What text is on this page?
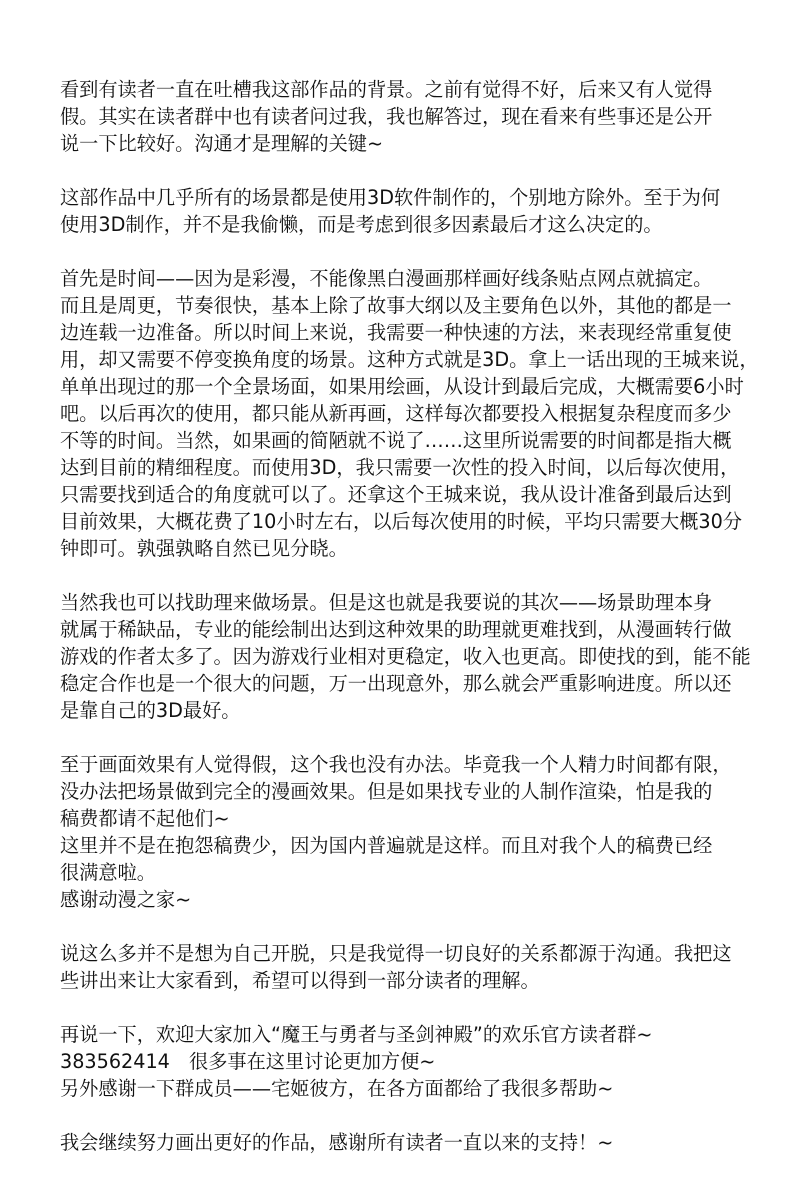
看到有读者一直在吐槽我这部作品的背景。之前有觉得不好，后来又有人觉得
假。其实在读者群中也有读者问过我，我也解答过，现在看来有些事还是公开
说一下比较好。沟通才是理解的关键~
这部作品中几乎所有的场景都是使用3D软件制作的，个别地方除外。至于为何
使用3D制作，并不是我偷懒，而是考虑到很多因素最后才这么决定的。
首先是时间——因为是彩漫，不能像黑白漫画那样画好线条贴点网点就搞定。
而且是周更，节奏很快，基本上除了故事大纲以及主要角色以外，其他的都是一
边连载一边准备。所以时间上来说，我需要一种快速的方法，来表现经常重复使
用，却又需要不停变换角度的场景。这种方式就是3D。拿上一话出现的王城来说，
单单出现过的那一个全景场面，如果用绘画，从设计到最后完成，大概需要6小时
吧。以后再次的使用，都只能从新再画，这样每次都要投入根据复杂程度而多少
不等的时间。当然，如果画的简陋就不说了……这里所说需要的时间都是指大概
达到目前的精细程度。而使用3D，我只需要一次性的投入时间，以后每次使用，
只需要找到适合的角度就可以了。还拿这个王城来说，我从设计准备到最后达到
目前效果，大概花费了10小时左右，以后每次使用的时候，平均只需要大概30分
钟即可。孰强孰略自然已见分晓。
当然我也可以找助理来做场景。但是这也就是我要说的其次——场景助理本身
就属于稀缺品，专业的能绘制出达到这种效果的助理就更难找到，从漫画转行做
游戏的作者太多了。因为游戏行业相对更稳定，收入也更高。即使找的到，能不能
稳定合作也是一个很大的问题，万一出现意外，那么就会严重影响进度。所以还
是靠自己的3D最好。
至于画面效果有人觉得假，这个我也没有办法。毕竟我一个人精力时间都有限，
没办法把场景做到完全的漫画效果。但是如果找专业的人制作渲染，怕是我的
稿费都请不起他们~
这里并不是在抱怨稿费少，因为国内普遍就是这样。而且对我个人的稿费已经
很满意啦。
感谢动漫之家~
说这么多并不是想为自己开脱，只是我觉得一切良好的关系都源于沟通。我把这
些讲出来让大家看到，希望可以得到一部分读者的理解。
再说一下，欢迎大家加入“魔王与勇者与圣剑神殿”的欢乐官方读者群~
383562414　很多事在这里讨论更加方便~
另外感谢一下群成员——宅姬彼方，在各方面都给了我很多帮助~
我会继续努力画出更好的作品，感谢所有读者一直以来的支持！~
